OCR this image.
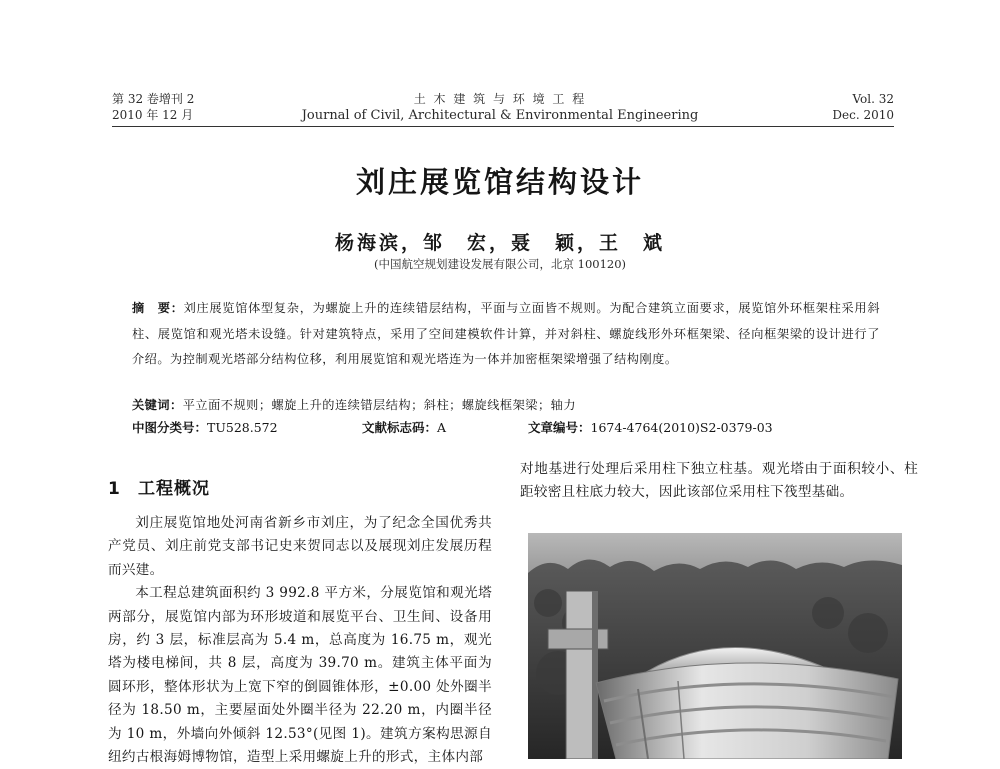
第 32 卷增刊 2
2010 年 12 月
土 木 建 筑 与 环 境 工 程
Journal of Civil, Architectural & Environmental Engineering
Vol. 32
Dec. 2010
刘庄展览馆结构设计
杨海滨，邹　宏，聂　颖，王　斌
(中国航空规划建设发展有限公司，北京 100120)
摘　要：刘庄展览馆体型复杂，为螺旋上升的连续错层结构，平面与立面皆不规则。为配合建筑立面要求，展览馆外环框架柱采用斜柱、展览馆和观光塔未设缝。针对建筑特点，采用了空间建模软件计算，并对斜柱、螺旋线形外环框架梁、径向框架梁的设计进行了介绍。为控制观光塔部分结构位移，利用展览馆和观光塔连为一体并加密框架梁增强了结构刚度。
关键词：平立面不规则；螺旋上升的连续错层结构；斜柱；螺旋线框架梁；轴力
中图分类号：TU528.572	文献标志码：A	文章编号：1674-4764(2010)S2-0379-03
1 工程概况

刘庄展览馆地处河南省新乡市刘庄，为了纪念全国优秀共产党员、刘庄前党支部书记史来贺同志以及展现刘庄发展历程而兴建。

本工程总建筑面积约 3 992.8 平方米，分展览馆和观光塔两部分，展览馆内部为环形坡道和展览平台、卫生间、设备用房，约 3 层，标准层高为 5.4 m，总高度为 16.75 m，观光塔为楼电梯间，共 8 层，高度为 39.70 m。建筑主体平面为圆环形，整体形状为上宽下窄的倒圆锥体形，±0.00 处外圈半径为 18.50 m，主要屋面处外圈半径为 22.20 m，内圈半径为 10 m，外墙向外倾斜 12.53°(见图 1)。建筑方案构思源自纽约古根海姆博物馆，造型上采用螺旋上升的形式，主体内部

对地基进行处理后采用柱下独立柱基。观光塔由于面积较小、柱距较密且柱底力较大，因此该部位采用柱下筏型基础。
